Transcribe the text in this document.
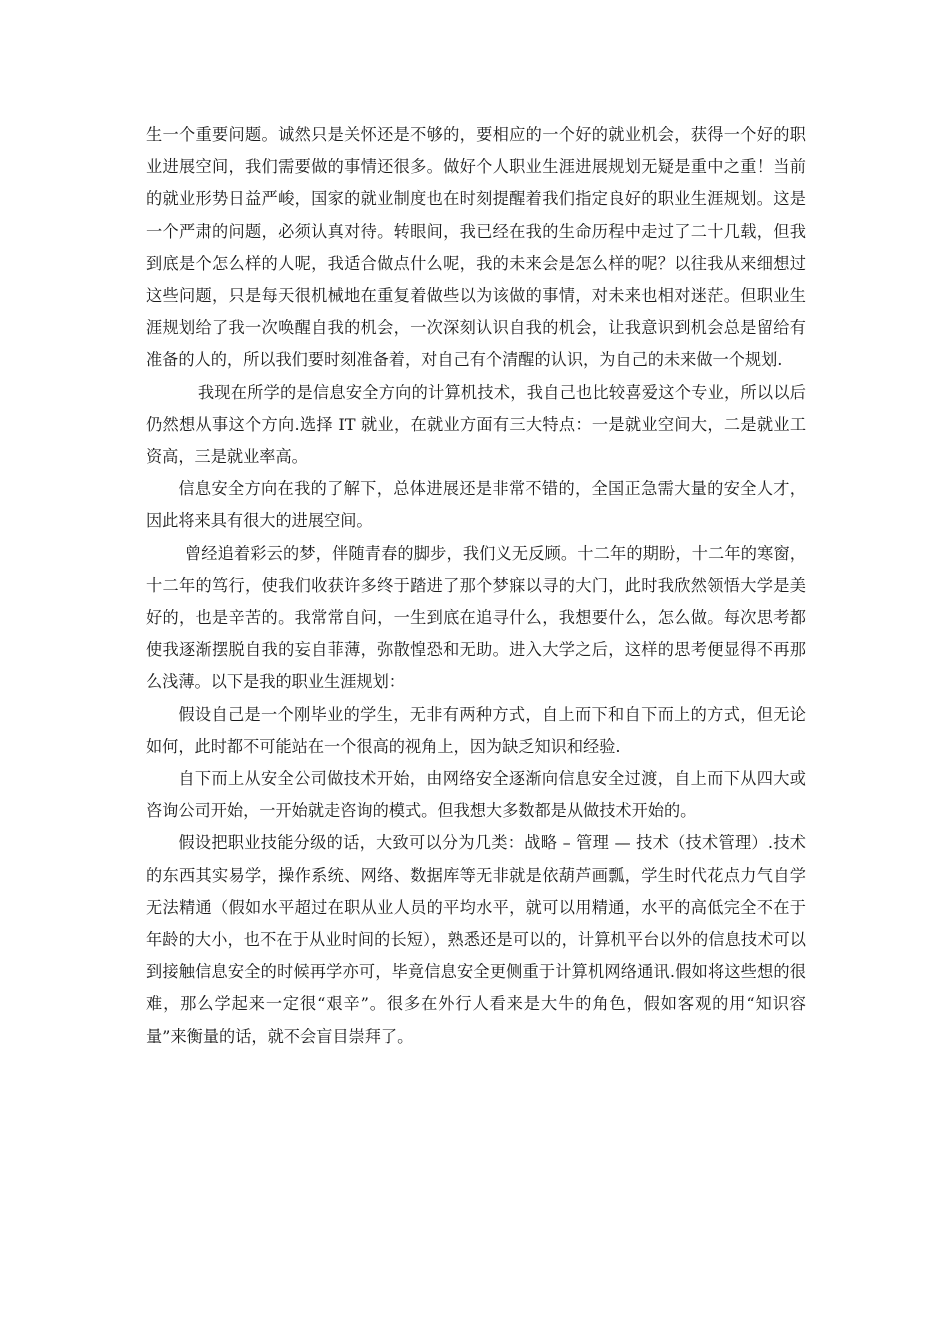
生一个重要问题。诚然只是关怀还是不够的，要相应的一个好的就业机会，获得一个好的职业进展空间，我们需要做的事情还很多。做好个人职业生涯进展规划无疑是重中之重！当前的就业形势日益严峻，国家的就业制度也在时刻提醒着我们指定良好的职业生涯规划。这是一个严肃的问题，必须认真对待。转眼间，我已经在我的生命历程中走过了二十几载，但我到底是个怎么样的人呢，我适合做点什么呢，我的未来会是怎么样的呢？以往我从来细想过这些问题，只是每天很机械地在重复着做些以为该做的事情，对未来也相对迷茫。但职业生涯规划给了我一次唤醒自我的机会，一次深刻认识自我的机会，让我意识到机会总是留给有准备的人的，所以我们要时刻准备着，对自己有个清醒的认识，为自己的未来做一个规划.

我现在所学的是信息安全方向的计算机技术，我自己也比较喜爱这个专业，所以以后仍然想从事这个方向.选择 IT 就业，在就业方面有三大特点：一是就业空间大，二是就业工资高，三是就业率高。

信息安全方向在我的了解下，总体进展还是非常不错的，全国正急需大量的安全人才，因此将来具有很大的进展空间。

曾经追着彩云的梦，伴随青春的脚步，我们义无反顾。十二年的期盼，十二年的寒窗，十二年的笃行，使我们收获许多终于踏进了那个梦寐以寻的大门，此时我欣然领悟大学是美好的，也是辛苦的。我常常自问，一生到底在追寻什么，我想要什么，怎么做。每次思考都使我逐渐摆脱自我的妄自菲薄，弥散惶恐和无助。进入大学之后，这样的思考便显得不再那么浅薄。以下是我的职业生涯规划：

假设自己是一个刚毕业的学生，无非有两种方式，自上而下和自下而上的方式，但无论如何，此时都不可能站在一个很高的视角上，因为缺乏知识和经验.

自下而上从安全公司做技术开始，由网络安全逐渐向信息安全过渡，自上而下从四大或咨询公司开始，一开始就走咨询的模式。但我想大多数都是从做技术开始的。

假设把职业技能分级的话，大致可以分为几类：战略 – 管理 — 技术（技术管理）.技术的东西其实易学，操作系统、网络、数据库等无非就是依葫芦画瓢，学生时代花点力气自学无法精通（假如水平超过在职从业人员的平均水平，就可以用精通，水平的高低完全不在于年龄的大小，也不在于从业时间的长短），熟悉还是可以的，计算机平台以外的信息技术可以到接触信息安全的时候再学亦可，毕竟信息安全更侧重于计算机网络通讯.假如将这些想的很难，那么学起来一定很“艰辛”。很多在外行人看来是大牛的角色，假如客观的用“知识容量”来衡量的话，就不会盲目崇拜了。
